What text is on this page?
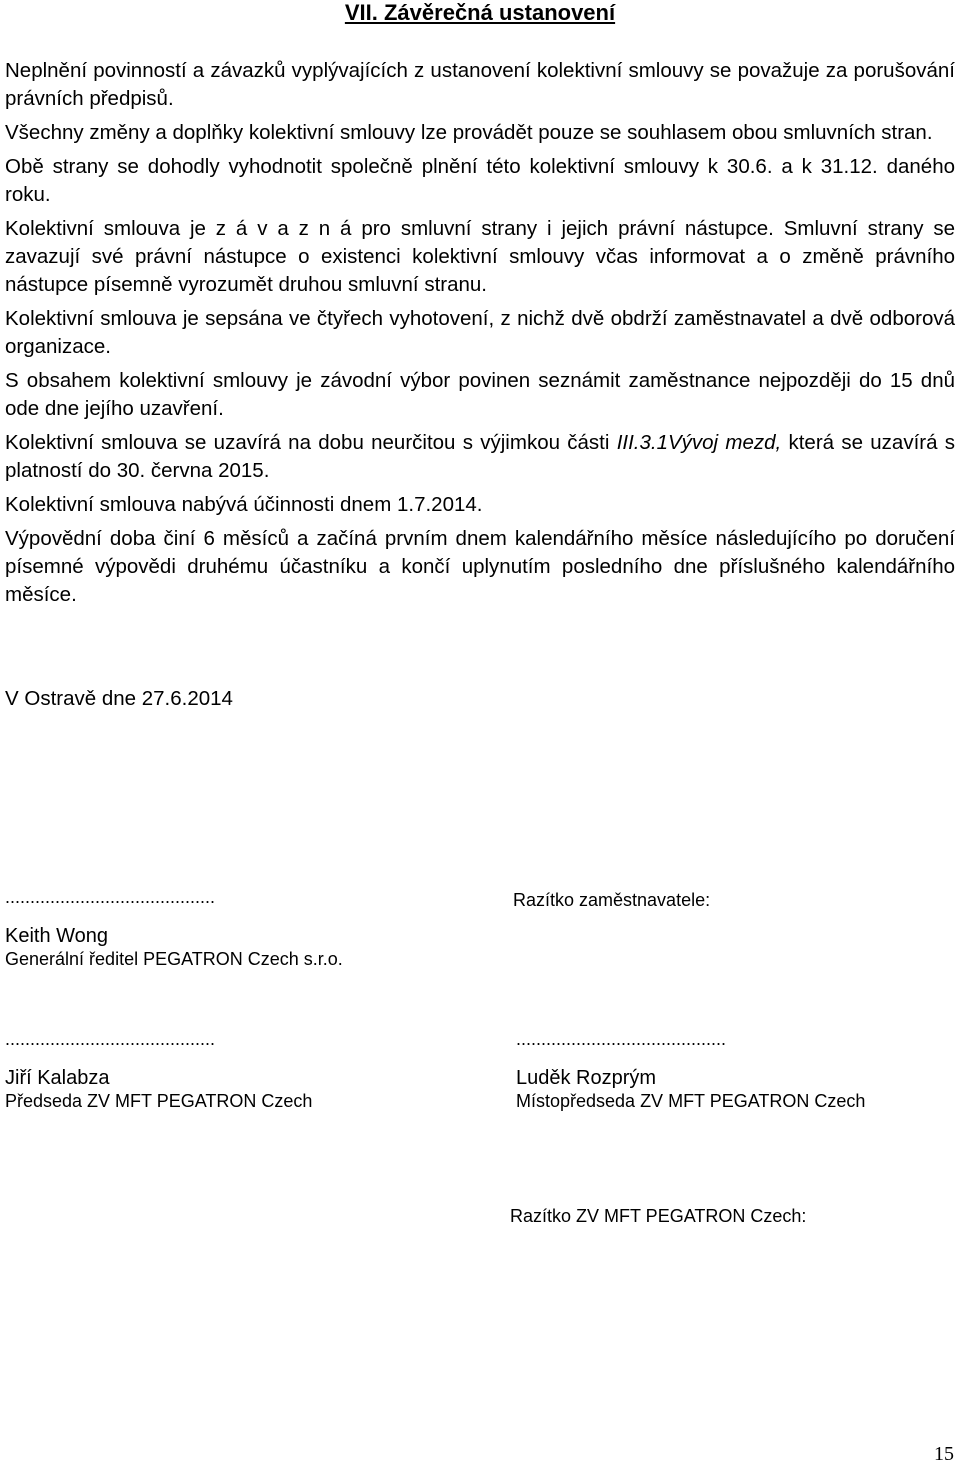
VII. Závěrečná ustanovení

Neplnění povinností a závazků vyplývajících z ustanovení kolektivní smlouvy se považuje za porušování právních předpisů.

Všechny změny a doplňky kolektivní smlouvy lze provádět pouze se souhlasem obou smluvních stran.

Obě strany se dohodly vyhodnotit společně plnění této kolektivní smlouvy k 30.6. a k 31.12. daného roku.

Kolektivní smlouva je z á v a z n á pro smluvní strany i jejich právní nástupce. Smluvní strany se zavazují své právní nástupce o existenci kolektivní smlouvy včas informovat a o změně právního nástupce písemně vyrozumět druhou smluvní stranu.

Kolektivní smlouva je sepsána ve čtyřech vyhotovení, z nichž dvě obdrží zaměstnavatel a dvě odborová organizace.

S obsahem kolektivní smlouvy je závodní výbor povinen seznámit zaměstnance nejpozději do 15 dnů ode dne jejího uzavření.

Kolektivní smlouva se uzavírá na dobu neurčitou s výjimkou části III.3.1Vývoj mezd, která se uzavírá s platností do 30. června 2015.

Kolektivní smlouva nabývá účinnosti dnem 1.7.2014.

Výpovědní doba činí 6 měsíců a začíná prvním dnem kalendářního měsíce následujícího po doručení písemné výpovědi druhému účastníku a končí uplynutím posledního dne příslušného kalendářního měsíce.

V Ostravě dne 27.6.2014
..........................................
Keith Wong
Generální ředitel PEGATRON Czech s.r.o.
Razítko zaměstnavatele:
..........................................
Jiří Kalabza
Předseda ZV MFT PEGATRON Czech
..........................................
Luděk Rozprým
Místopředseda ZV MFT PEGATRON Czech
Razítko ZV MFT PEGATRON Czech:
15
